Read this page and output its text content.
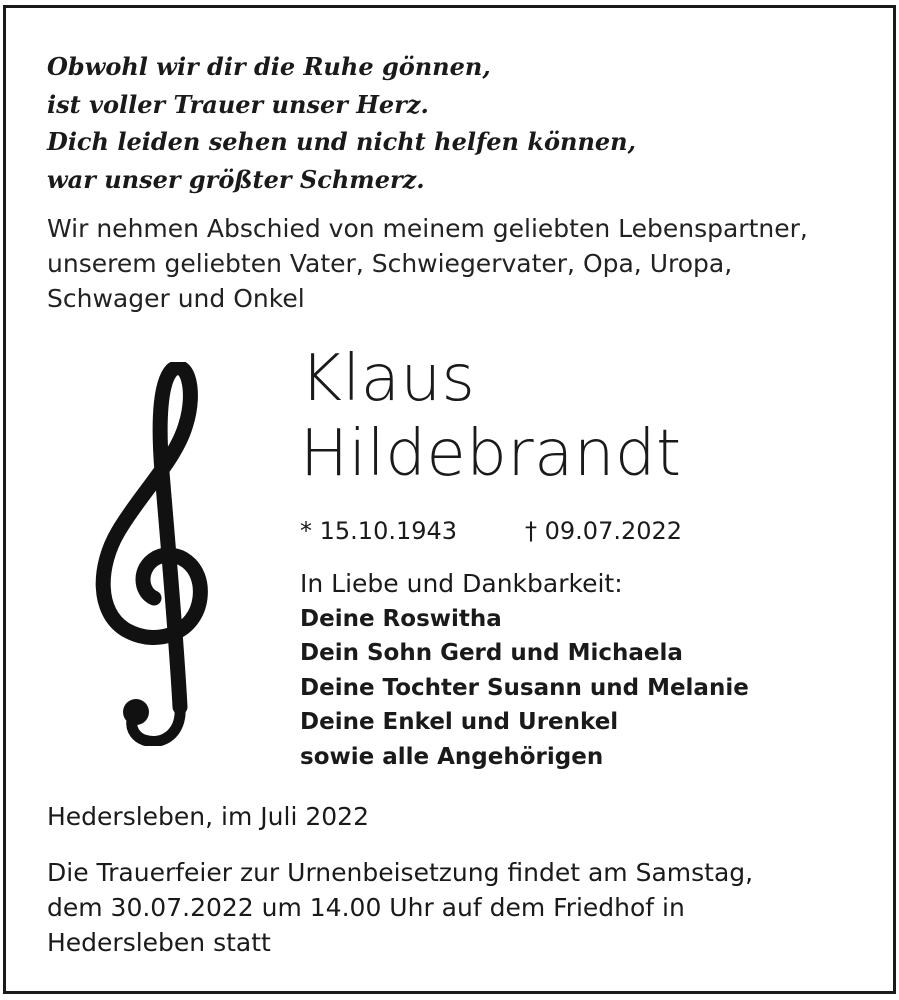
Obwohl wir dir die Ruhe gönnen,
ist voller Trauer unser Herz.
Dich leiden sehen und nicht helfen können,
war unser größter Schmerz.
Wir nehmen Abschied von meinem geliebten Lebenspartner,
unserem geliebten Vater, Schwiegervater, Opa, Uropa,
Schwager und Onkel
Klaus
Hildebrandt
* 15.10.1943	† 09.07.2022
In Liebe und Dankbarkeit:
Deine Roswitha
Dein Sohn Gerd und Michaela
Deine Tochter Susann und Melanie
Deine Enkel und Urenkel
sowie alle Angehörigen
Hedersleben, im Juli 2022
Die Trauerfeier zur Urnenbeisetzung findet am Samstag,
dem 30.07.2022 um 14.00 Uhr auf dem Friedhof in
Hedersleben statt
